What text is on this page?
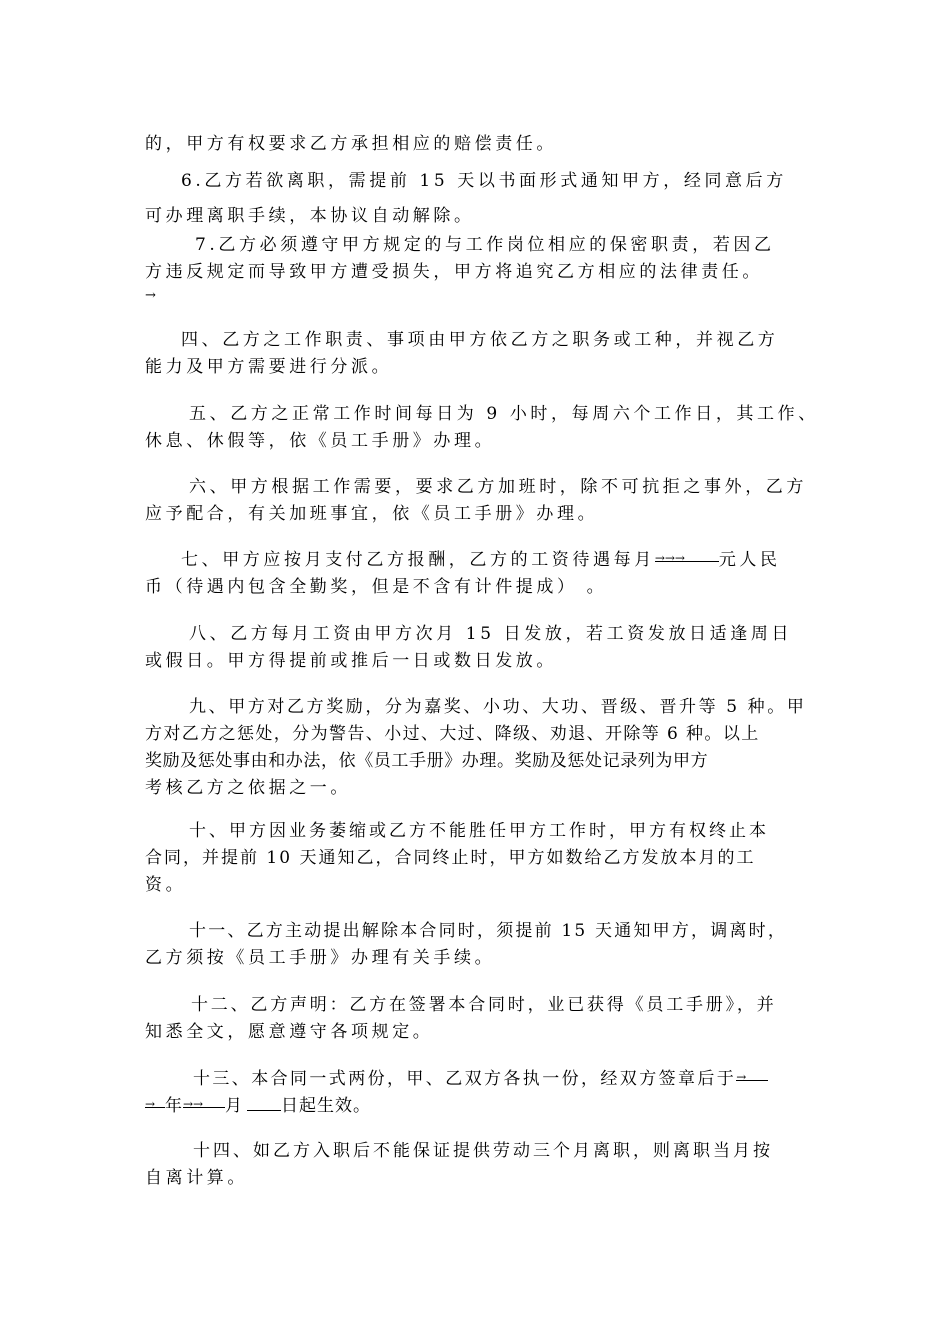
的，甲方有权要求乙方承担相应的赔偿责任。

6.乙方若欲离职，需提前 15 天以书面形式通知甲方，经同意后方
可办理离职手续，本协议自动解除。

7.乙方必须遵守甲方规定的与工作岗位相应的保密职责，若因乙
方违反规定而导致甲方遭受损失，甲方将追究乙方相应的法律责任。
→

四、乙方之工作职责、事项由甲方依乙方之职务或工种，并视乙方
能力及甲方需要进行分派。

五、乙方之正常工作时间每日为 9 小时，每周六个工作日，其工作、
休息、休假等，依《员工手册》办理。

六、甲方根据工作需要，要求乙方加班时，除不可抗拒之事外，乙方
应予配合，有关加班事宜，依《员工手册》办理。

七、甲方应按月支付乙方报酬，乙方的工资待遇每月→→→ 元人民
币（待遇内包含全勤奖，但是不含有计件提成） 。

八、乙方每月工资由甲方次月 15 日发放，若工资发放日适逢周日
或假日。甲方得提前或推后一日或数日发放。

九、甲方对乙方奖励，分为嘉奖、小功、大功、晋级、晋升等 5 种。甲
方对乙方之惩处，分为警告、小过、大过、降级、劝退、开除等 6 种。以上
奖励及惩处事由和办法，依《员工手册》办理。奖励及惩处记录列为甲方
考核乙方之依据之一。

十、甲方因业务萎缩或乙方不能胜任甲方工作时，甲方有权终止本
合同，并提前 10 天通知乙，合同终止时，甲方如数给乙方发放本月的工
资。

十一、乙方主动提出解除本合同时，须提前 15 天通知甲方，调离时，
乙方须按《员工手册》办理有关手续。

十二、乙方声明：乙方在签署本合同时，业已获得《员工手册》，并
知悉全文，愿意遵守各项规定。

十三、本合同一式两份，甲、乙双方各执一份，经双方签章后于→
→ 年→→ 月 日起生效。

十四、如乙方入职后不能保证提供劳动三个月离职，则离职当月按
自离计算。
